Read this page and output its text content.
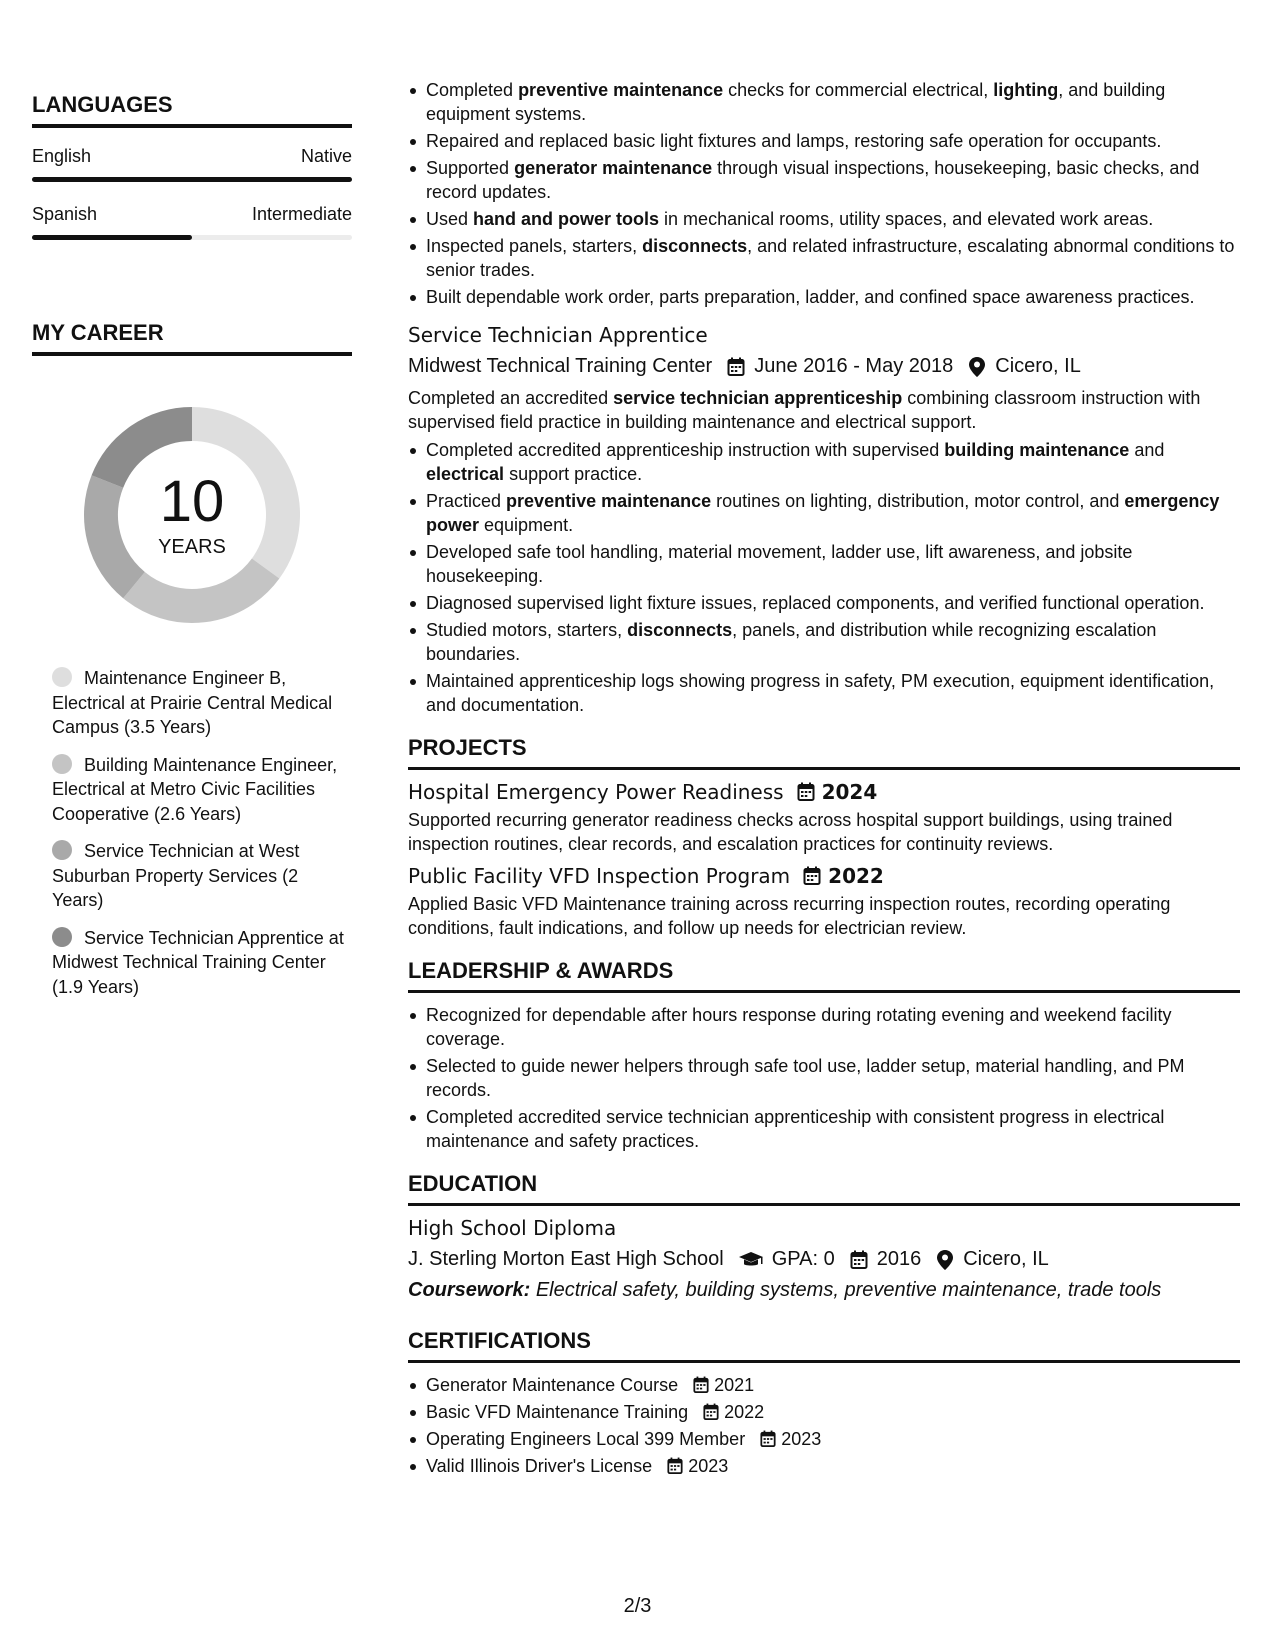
LANGUAGES
English	Native
Spanish	Intermediate
MY CAREER
10
YEARS
Maintenance Engineer B, Electrical at Prairie Central Medical Campus (3.5 Years)
Building Maintenance Engineer, Electrical at Metro Civic Facilities Cooperative (2.6 Years)
Service Technician at West Suburban Property Services (2 Years)
Service Technician Apprentice at Midwest Technical Training Center (1.9 Years)
Completed preventive maintenance checks for commercial electrical, lighting, and building equipment systems.
Repaired and replaced basic light fixtures and lamps, restoring safe operation for occupants.
Supported generator maintenance through visual inspections, housekeeping, basic checks, and record updates.
Used hand and power tools in mechanical rooms, utility spaces, and elevated work areas.
Inspected panels, starters, disconnects, and related infrastructure, escalating abnormal conditions to senior trades.
Built dependable work order, parts preparation, ladder, and confined space awareness practices.
Service Technician Apprentice
Midwest Technical Training Center June 2016 - May 2018 Cicero, IL
Completed an accredited service technician apprenticeship combining classroom instruction with supervised field practice in building maintenance and electrical support.
Completed accredited apprenticeship instruction with supervised building maintenance and electrical support practice.
Practiced preventive maintenance routines on lighting, distribution, motor control, and emergency power equipment.
Developed safe tool handling, material movement, ladder use, lift awareness, and jobsite housekeeping.
Diagnosed supervised light fixture issues, replaced components, and verified functional operation.
Studied motors, starters, disconnects, panels, and distribution while recognizing escalation boundaries.
Maintained apprenticeship logs showing progress in safety, PM execution, equipment identification, and documentation.
PROJECTS
Hospital Emergency Power Readiness 2024
Supported recurring generator readiness checks across hospital support buildings, using trained inspection routines, clear records, and escalation practices for continuity reviews.
Public Facility VFD Inspection Program 2022
Applied Basic VFD Maintenance training across recurring inspection routes, recording operating conditions, fault indications, and follow up needs for electrician review.
LEADERSHIP & AWARDS
Recognized for dependable after hours response during rotating evening and weekend facility coverage.
Selected to guide newer helpers through safe tool use, ladder setup, material handling, and PM records.
Completed accredited service technician apprenticeship with consistent progress in electrical maintenance and safety practices.
EDUCATION
High School Diploma
J. Sterling Morton East High School GPA: 0 2016 Cicero, IL
Coursework: Electrical safety, building systems, preventive maintenance, trade tools
CERTIFICATIONS
Generator Maintenance Course 2021
Basic VFD Maintenance Training 2022
Operating Engineers Local 399 Member 2023
Valid Illinois Driver's License 2023
2/3
